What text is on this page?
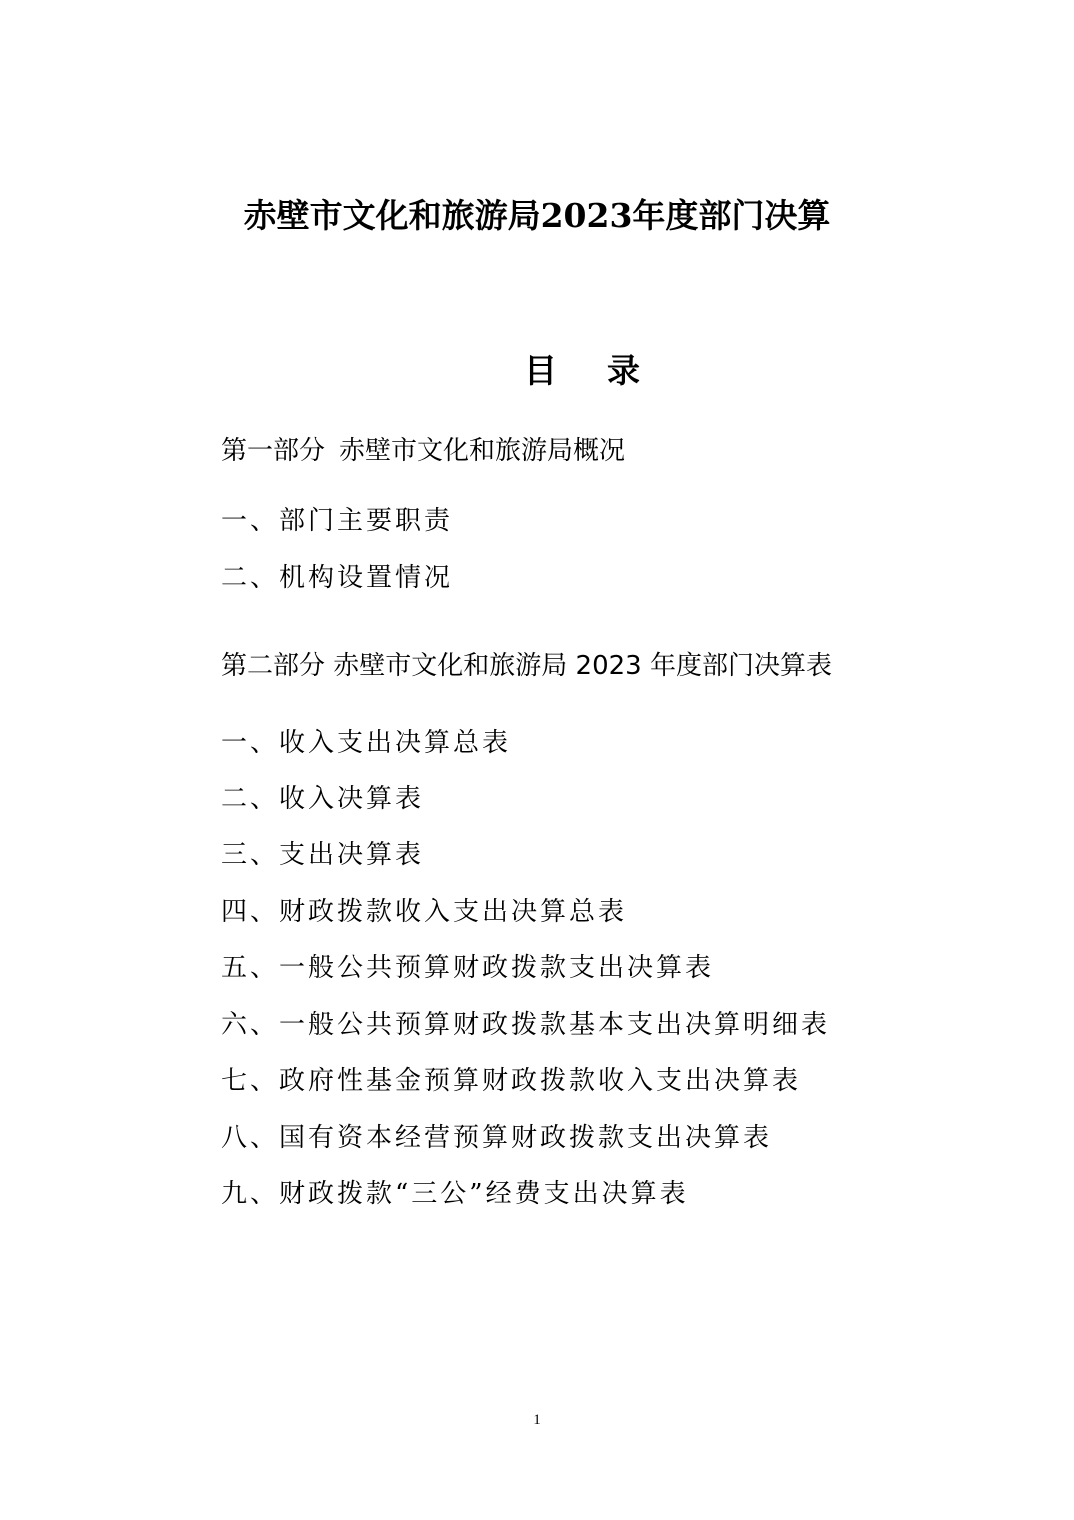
赤壁市文化和旅游局2023年度部门决算
目 录

第一部分 赤壁市文化和旅游局概况

一、部门主要职责

二、机构设置情况

第二部分 赤壁市文化和旅游局 2023 年度部门决算表

一、收入支出决算总表

二、收入决算表

三、支出决算表

四、财政拨款收入支出决算总表

五、一般公共预算财政拨款支出决算表

六、一般公共预算财政拨款基本支出决算明细表

七、政府性基金预算财政拨款收入支出决算表

八、国有资本经营预算财政拨款支出决算表

九、财政拨款“三公”经费支出决算表

1
